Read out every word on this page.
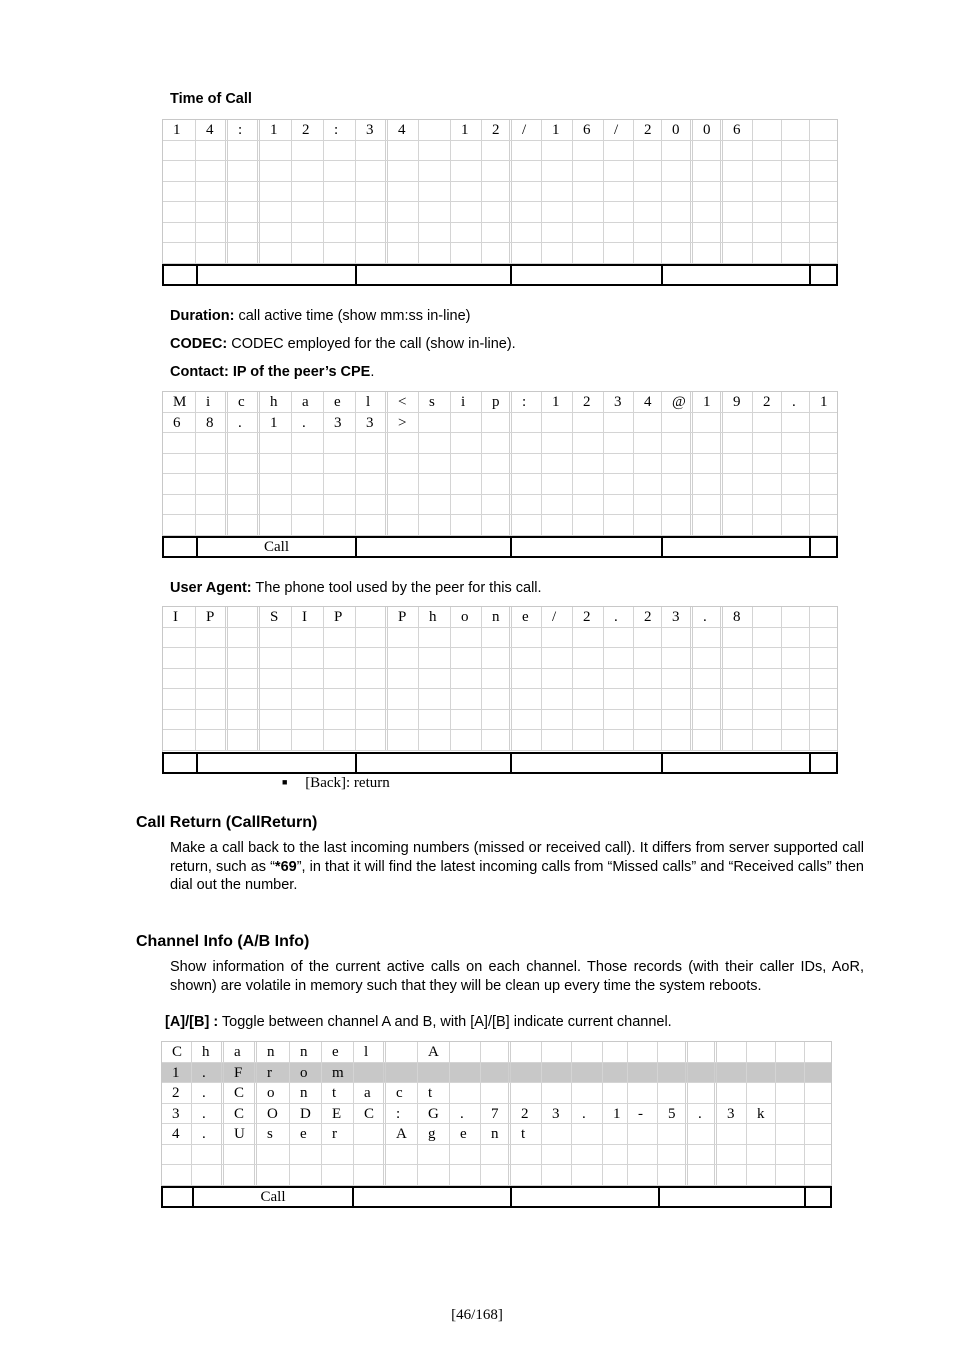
Time of Call
1	4	:	1	2	:	3	4	1	2	/	1	6	/	2	0	0	6
Duration: call active time (show mm:ss in-line)
CODEC: CODEC employed for the call (show in-line).
Contact: IP of the peer’s CPE.
M	i	c	h	a	e	l	<	s	i	p	:	1	2	3	4	@	1	9	2	.	1
6	8	.	1	.	3	3	>
Call
User Agent: The phone tool used by the peer for this call.
I	P	S	I	P	P	h	o	n	e	/	2	.	2	3	.	8
■ [Back]: return
Call Return (CallReturn)
Make a call back to the last incoming numbers (missed or received call). It differs from server supported call return, such as “*69”, in that it will find the latest incoming calls from “Missed calls” and “Received calls” then dial out the number.
Channel Info (A/B Info)
Show information of the current active calls on each channel. Those records (with their caller IDs, AoR, shown) are volatile in memory such that they will be clean up every time the system reboots.
[A]/[B] : Toggle between channel A and B, with [A]/[B] indicate current channel.
C	h	a	n	n	e	l	A
1	.	F	r	o	m
2	.	C	o	n	t	a	c	t
3	.	C	O	D	E	C	:	G	.	7	2	3	.	1	-	5	.	3	k
4	.	U	s	e	r	A	g	e	n	t
Call
[46/168]
